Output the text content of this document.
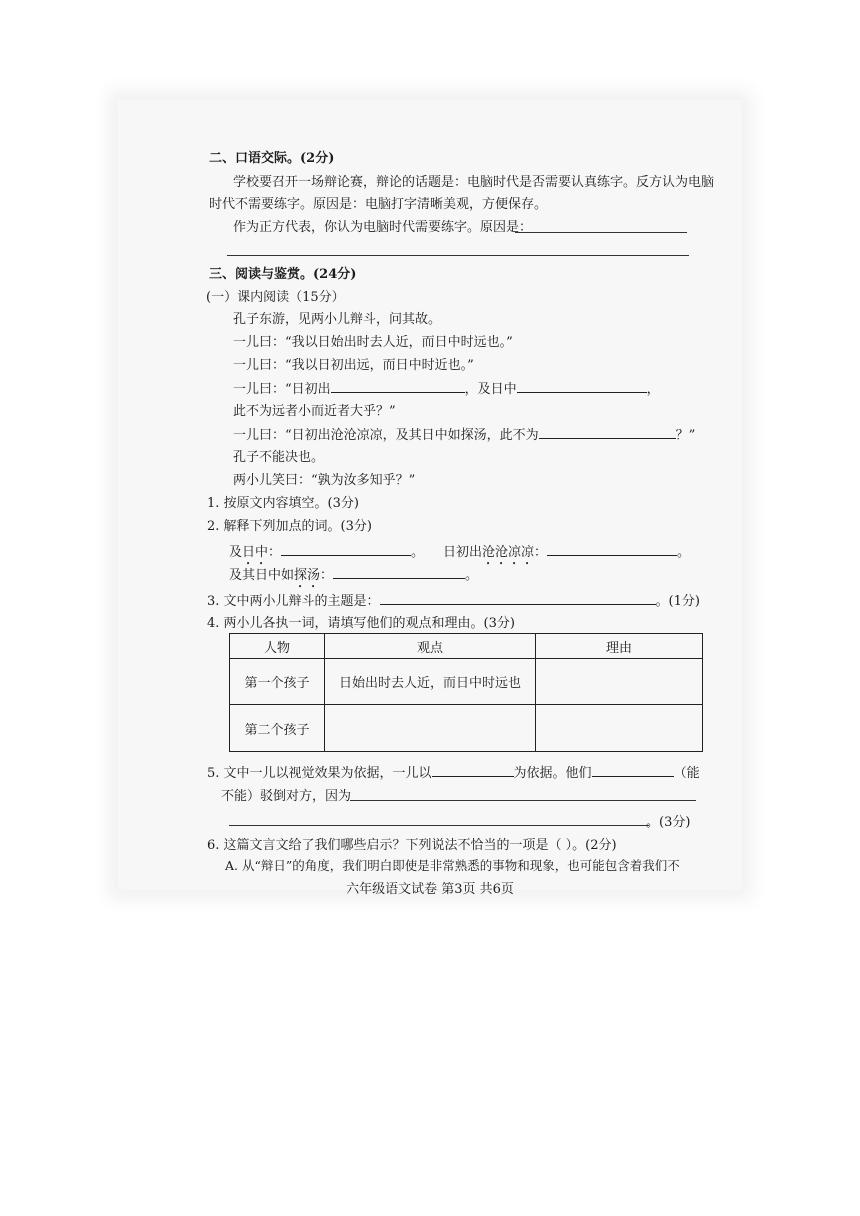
二、口语交际。(2分)
学校要召开一场辩论赛，辩论的话题是：电脑时代是否需要认真练字。反方认为电脑
时代不需要练字。原因是：电脑打字清晰美观，方便保存。
作为正方代表，你认为电脑时代需要练字。原因是：
三、阅读与鉴赏。(24分)
(一）课内阅读（15分）
孔子东游，见两小儿辩斗，问其故。
一儿曰：“我以日始出时去人近，而日中时远也。”
一儿曰：“我以日初出远，而日中时近也。”
一儿曰：“日初出	，及日中	，
此不为远者小而近者大乎？”
一儿曰：“日初出沧沧凉凉，及其日中如探汤，此不为	？”
孔子不能决也。
两小儿笑曰：“孰为汝多知乎？”
1. 按原文内容填空。(3分)
2. 解释下列加点的词。(3分)
及日中：	。 日初出沧沧凉凉：	。
及其日中如探汤：	。
3. 文中两小儿辩斗的主题是：	。(1分)
4. 两小儿各执一词，请填写他们的观点和理由。(3分)
人物	观点	理由
第一个孩子	日始出时去人近，而日中时远也	
第二个孩子		
5. 文中一儿以视觉效果为依据，一儿以	为依据。他们	（能
不能）驳倒对方，因为
。(3分)
6. 这篇文言文给了我们哪些启示？下列说法不恰当的一项是（ ）。(2分)
A. 从“辩日”的角度，我们明白即使是非常熟悉的事物和现象，也可能包含着我们不
六年级语文试卷 第3页 共6页
